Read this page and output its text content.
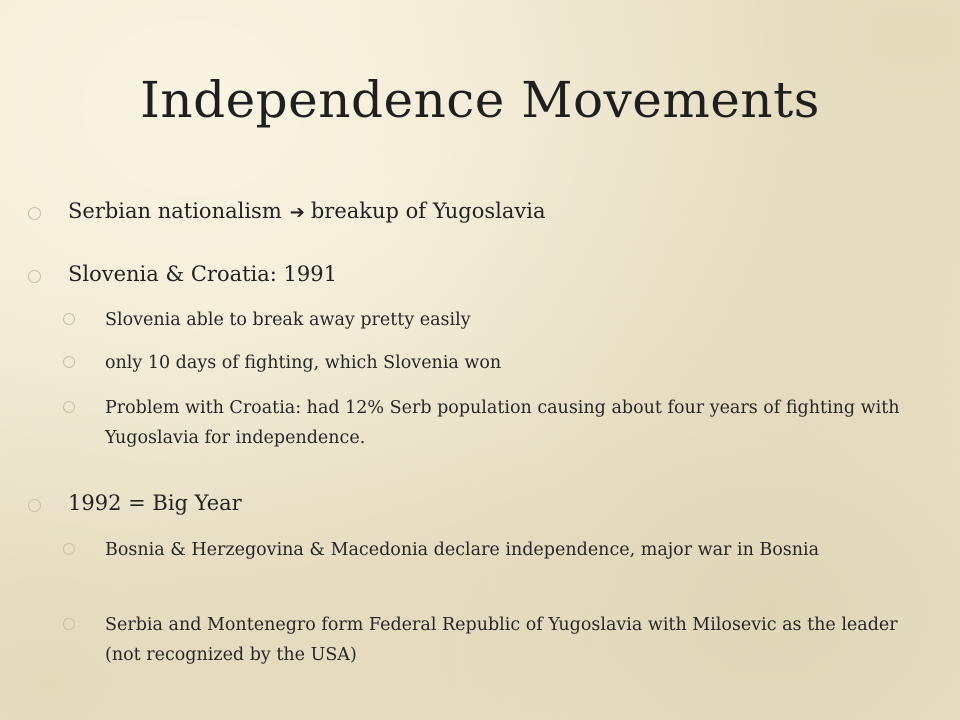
Independence Movements
Serbian nationalism ➔ breakup of Yugoslavia
Slovenia & Croatia: 1991
Slovenia able to break away pretty easily
only 10 days of fighting, which Slovenia won
Problem with Croatia: had 12% Serb population causing about four years of fighting with Yugoslavia for independence.
1992 = Big Year
Bosnia & Herzegovina & Macedonia declare independence, major war in Bosnia
Serbia and Montenegro form Federal Republic of Yugoslavia with Milosevic as the leader (not recognized by the USA)
